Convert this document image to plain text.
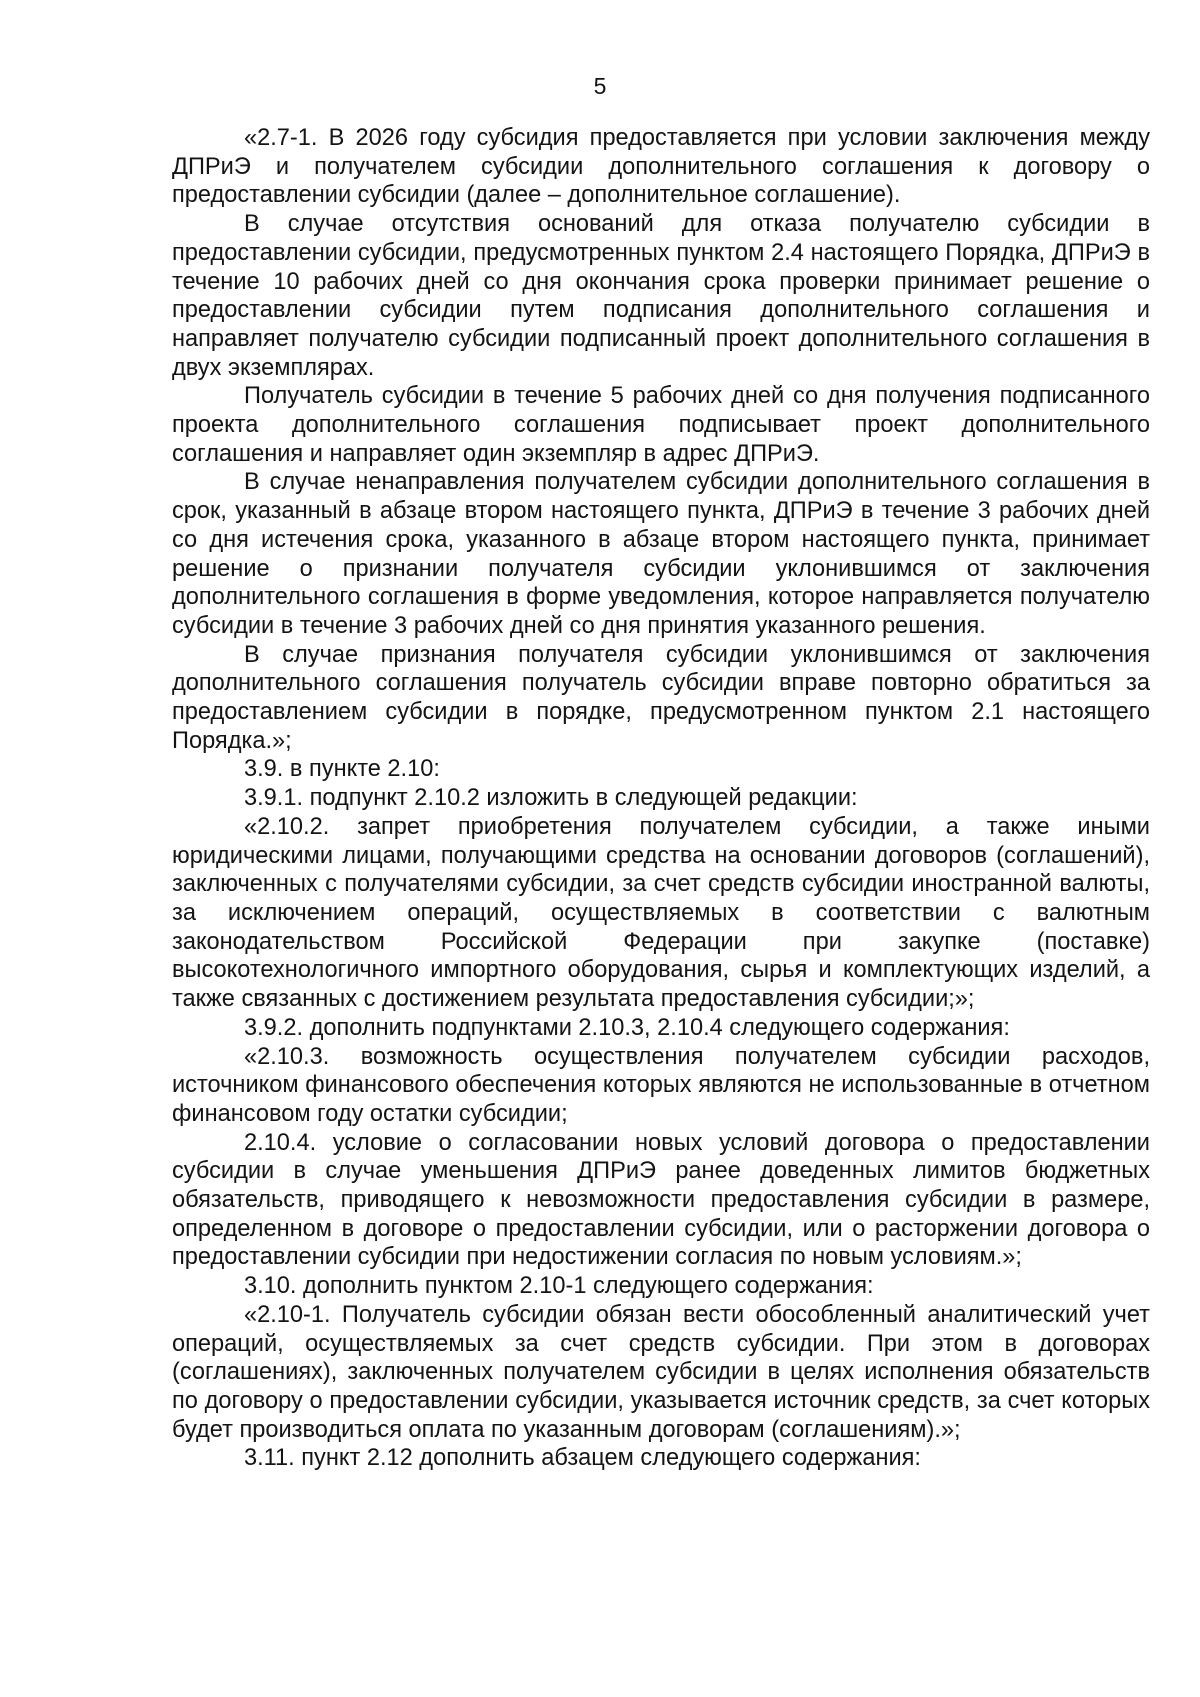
5

«2.7-1. В 2026 году субсидия предоставляется при условии заключения между ДПРиЭ и получателем субсидии дополнительного соглашения к договору о предоставлении субсидии (далее – дополнительное соглашение).

В случае отсутствия оснований для отказа получателю субсидии в предоставлении субсидии, предусмотренных пунктом 2.4 настоящего Порядка, ДПРиЭ в течение 10 рабочих дней со дня окончания срока проверки принимает решение о предоставлении субсидии путем подписания дополнительного соглашения и направляет получателю субсидии подписанный проект дополнительного соглашения в двух экземплярах.

Получатель субсидии в течение 5 рабочих дней со дня получения подписанного проекта дополнительного соглашения подписывает проект дополнительного соглашения и направляет один экземпляр в адрес ДПРиЭ.

В случае ненаправления получателем субсидии дополнительного соглашения в срок, указанный в абзаце втором настоящего пункта, ДПРиЭ в течение 3 рабочих дней со дня истечения срока, указанного в абзаце втором настоящего пункта, принимает решение о признании получателя субсидии уклонившимся от заключения дополнительного соглашения в форме уведомления, которое направляется получателю субсидии в течение 3 рабочих дней со дня принятия указанного решения.

В случае признания получателя субсидии уклонившимся от заключения дополнительного соглашения получатель субсидии вправе повторно обратиться за предоставлением субсидии в порядке, предусмотренном пунктом 2.1 настоящего Порядка.»;

3.9. в пункте 2.10:

3.9.1. подпункт 2.10.2 изложить в следующей редакции:

«2.10.2. запрет приобретения получателем субсидии, а также иными юридическими лицами, получающими средства на основании договоров (соглашений), заключенных с получателями субсидии, за счет средств субсидии иностранной валюты, за исключением операций, осуществляемых в соответствии с валютным законодательством Российской Федерации при закупке (поставке) высокотехнологичного импортного оборудования, сырья и комплектующих изделий, а также связанных с достижением результата предоставления субсидии;»;

3.9.2. дополнить подпунктами 2.10.3, 2.10.4 следующего содержания:

«2.10.3. возможность осуществления получателем субсидии расходов, источником финансового обеспечения которых являются не использованные в отчетном финансовом году остатки субсидии;

2.10.4. условие о согласовании новых условий договора о предоставлении субсидии в случае уменьшения ДПРиЭ ранее доведенных лимитов бюджетных обязательств, приводящего к невозможности предоставления субсидии в размере, определенном в договоре о предоставлении субсидии, или о расторжении договора о предоставлении субсидии при недостижении согласия по новым условиям.»;

3.10. дополнить пунктом 2.10-1 следующего содержания:

«2.10-1. Получатель субсидии обязан вести обособленный аналитический учет операций, осуществляемых за счет средств субсидии. При этом в договорах (соглашениях), заключенных получателем субсидии в целях исполнения обязательств по договору о предоставлении субсидии, указывается источник средств, за счет которых будет производиться оплата по указанным договорам (соглашениям).»;

3.11. пункт 2.12 дополнить абзацем следующего содержания:
